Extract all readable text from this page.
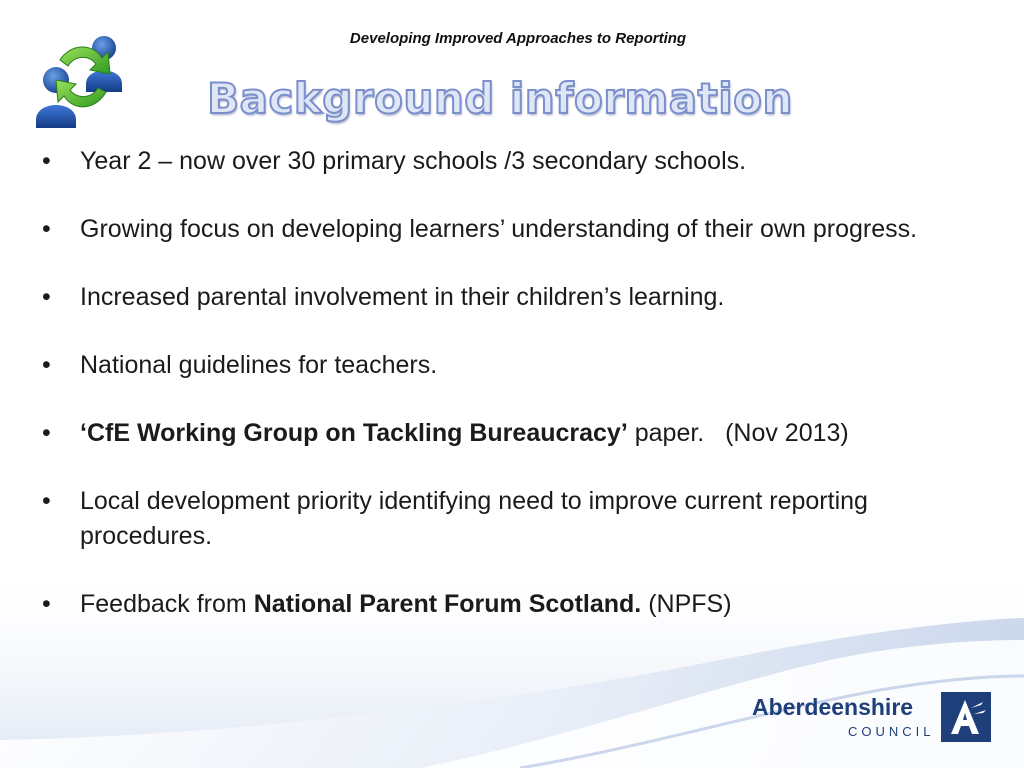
Developing Improved Approaches to Reporting
Background information
• Year 2 – now over 30 primary schools /3 secondary schools.
• Growing focus on developing learners’ understanding of their own progress.
• Increased parental involvement in their children’s learning.
• National guidelines for teachers.
• ‘CfE Working Group on Tackling Bureaucracy’ paper.   (Nov 2013)
• Local development priority identifying need to improve current reporting procedures.
• Feedback from National Parent Forum Scotland. (NPFS)
Aberdeenshire
COUNCIL
